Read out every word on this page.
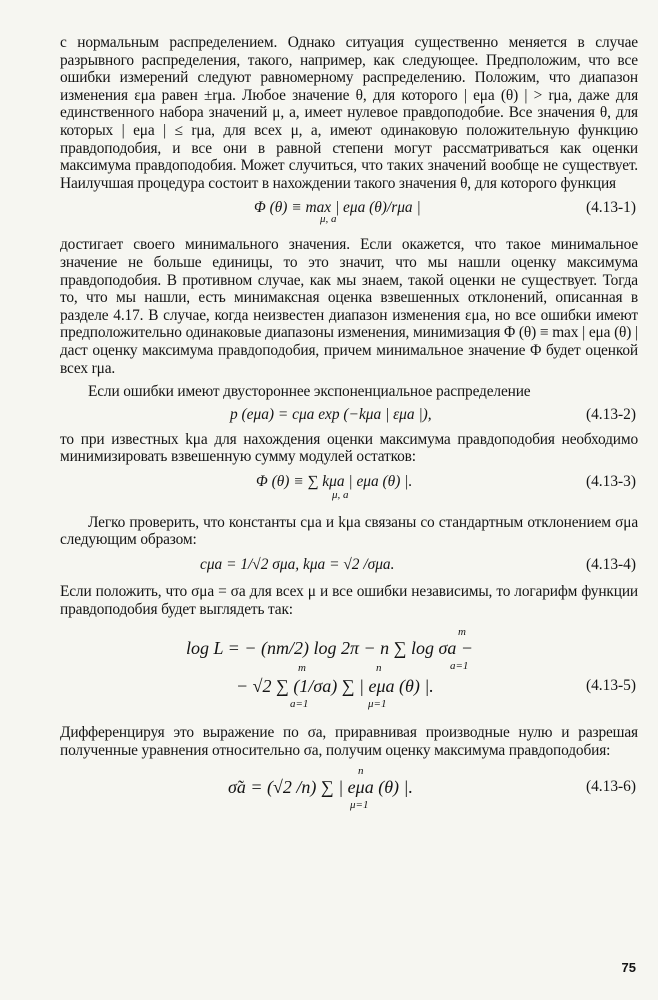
с нормальным распределением. Однако ситуация существенно меняется в случае разрывного распределения, такого, например, как следующее. Предположим, что все ошибки измерений следуют равномерному распределению. Положим, что диапазон изменения εμa равен ±rμa. Любое значение θ, для которого | eμa (θ) | > rμa, даже для единственного набора значений μ, a, имеет нулевое правдоподобие. Все значения θ, для которых | eμa | ≤ rμa, для всех μ, a, имеют одинаковую положительную функцию правдоподобия, и все они в равной степени могут рассматриваться как оценки максимума правдоподобия. Может случиться, что таких значений вообще не существует. Наилучшая процедура состоит в нахождении такого значения θ, для которого функция

Φ (θ) ≡ max | eμa (θ)/rμa |	(4.13-1)
μ, a

достигает своего минимального значения. Если окажется, что такое минимальное значение не больше единицы, то это значит, что мы нашли оценку максимума правдоподобия. В противном случае, как мы знаем, такой оценки не существует. Тогда то, что мы нашли, есть минимаксная оценка взвешенных отклонений, описанная в разделе 4.17. В случае, когда неизвестен диапазон изменения εμa, но все ошибки имеют предположительно одинаковые диапазоны изменения, минимизация Φ (θ) ≡ max | eμa (θ) | даст оценку максимума правдоподобия, причем минимальное значение Φ будет оценкой всех rμa.

Если ошибки имеют двустороннее экспоненциальное распределение

p (eμa) = cμa exp (−kμa | εμa |),	(4.13-2)

то при известных kμa для нахождения оценки максимума правдоподобия необходимо минимизировать взвешенную сумму модулей остатков:

Φ (θ) ≡ ∑ kμa | eμa (θ) |.	(4.13-3)
μ, a

Легко проверить, что константы cμa и kμa связаны со стандартным отклонением σμa следующим образом:

cμa = 1/√2 σμa, kμa = √2 /σμa.	(4.13-4)

Если положить, что σμa = σa для всех μ и все ошибки независимы, то логарифм функции правдоподобия будет выглядеть так:

m
log L = − (nm/2) log 2π − n ∑ log σa −
a=1
m	n
− √2 ∑ (1/σa) ∑ | eμa (θ) |.	(4.13-5)
a=1	μ=1

Дифференцируя это выражение по σa, приравнивая производные нулю и разрешая полученные уравнения относительно σa, получим оценку максимума правдоподобия:

n
σ̃a = (√2 /n) ∑ | eμa (θ) |.	(4.13-6)
μ=1
75
